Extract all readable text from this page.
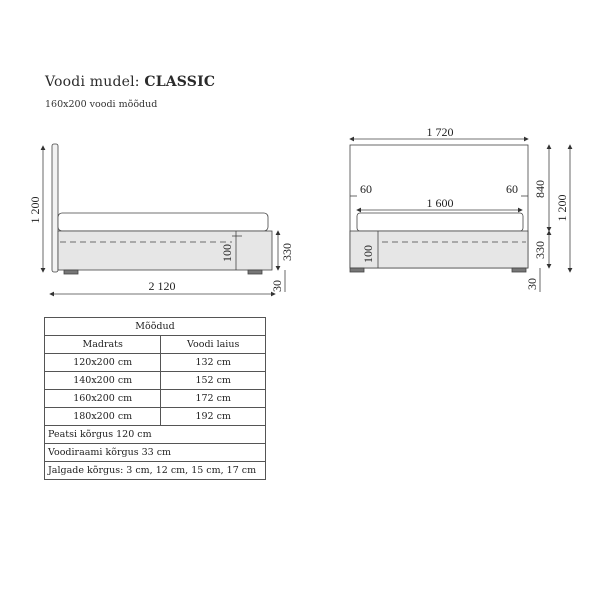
Voodi mudel: CLASSIC
160x200 voodi mõõdud
1 200
2 120
330
100
30
1 720
1 600
60	60 840
1 200
330
100
30
Mõõdud	
Madrats	Voodi laius
120x200 cm	132 cm
140x200 cm	152 cm
160x200 cm	172 cm
180x200 cm	192 cm
Peatsi kõrgus 120 cm	
Voodiraami kõrgus 33 cm	
Jalgade kõrgus: 3 cm, 12 cm, 15 cm, 17 cm	
